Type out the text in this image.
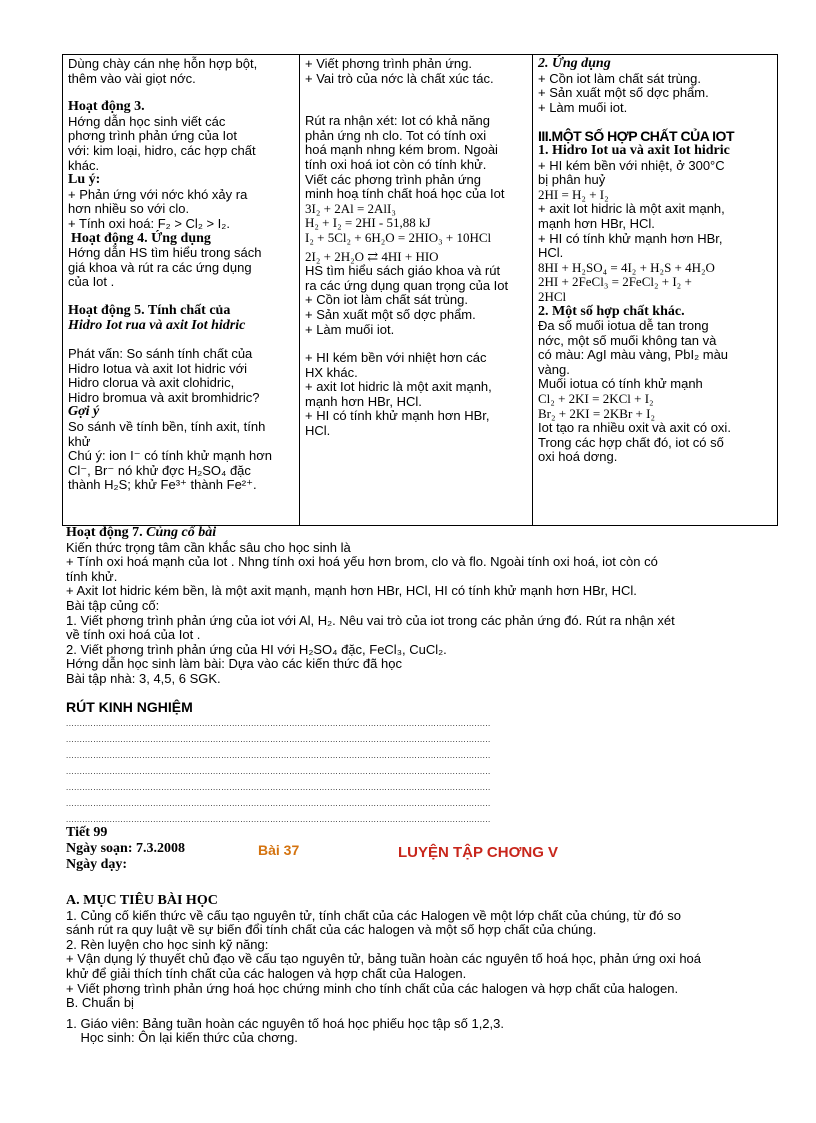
Dùng chày cán nhẹ hỗn hợp bột,
thêm vào vài giọt nớc.
Hoạt động 3.
Hớng dẫn học sinh viết các
phơng trình phản ứng của Iot
với: kim loại, hidro, các hợp chất
khác.
Lu ý:
+ Phản ứng với nớc khó xảy ra
hơn nhiều so với clo.
+ Tính oxi hoá: F₂ > Cl₂ > I₂.
Hoạt động 4. Ứng dụng
Hớng dẫn HS tìm hiểu trong sách
giá khoa và rút ra các ứng dụng
của Iot .
Hoạt động 5. Tính chất của
Hidro Iot rua và axit Iot hidric
Phát vấn: So sánh tính chất của
Hidro Iotua và axit Iot hidric với
Hidro clorua và axit clohidric,
Hidro bromua và axit bromhidric?
Gợi ý
So sánh về tính bền, tính axit, tính
khử
Chú ý: ion I⁻ có tính khử mạnh hơn
Cl⁻, Br⁻ nó khử đợc H₂SO₄ đặc
thành H₂S; khử Fe³⁺ thành Fe²⁺.

+ Viết phơng trình phản ứng.
+ Vai trò của nớc là chất xúc tác.
Rút ra nhận xét: Iot có khả năng
phản ứng nh clo. Tot có tính oxi
hoá mạnh nhng kém brom. Ngoài
tính oxi hoá iot còn có tính khử.
Viết các phơng trình phản ứng
minh hoạ tính chất hoá học của Iot
3I₂ + 2Al = 2AlI₃
H₂ + I₂ = 2HI - 51,88 kJ
I₂ + 5Cl₂ + 6H₂O = 2HIO₃ + 10HCl
2I₂ + 2H₂O ⇄ 4HI + HIO
HS tìm hiểu sách giáo khoa và rút
ra các ứng dụng quan trọng của Iot
+ Cồn iot làm chất sát trùng.
+ Sản xuất một số dợc phẩm.
+ Làm muối iot.
+ HI kém bền với nhiệt hơn các
HX khác.
+ axit Iot hidric là một axit mạnh,
mạnh hơn HBr, HCl.
+ HI có tính khử mạnh hơn HBr,
HCl.

2. Ứng dụng
+ Cồn iot làm chất sát trùng.
+ Sản xuất một số dợc phẩm.
+ Làm muối iot.
III.MỘT SỐ HỢP CHẤT CỦA IOT
1. Hidro Iot ua và axit Iot hidric
+ HI kém bền với nhiệt, ở 300°C
bị phân huỷ
2HI = H₂ + I₂
+ axit Iot hidric là một axit mạnh,
mạnh hơn HBr, HCl.
+ HI có tính khử mạnh hơn HBr,
HCl.
8HI + H₂SO₄ = 4I₂ + H₂S + 4H₂O
2HI + 2FeCl₃ = 2FeCl₂ + I₂ +
2HCl
2. Một số hợp chất khác.
Đa số muối iotua dễ tan trong
nớc, một số muối không tan và
có màu: AgI màu vàng, PbI₂ màu
vàng.
Muối iotua có tính khử mạnh
Cl₂ + 2KI = 2KCl + I₂
Br₂ + 2KI = 2KBr + I₂
Iot tạo ra nhiều oxit và axit có oxi.
Trong các hợp chất đó, iot có số
oxi hoá dơng.
Hoạt động 7. Củng cố bài
Kiến thức trọng tâm cần khắc sâu cho học sinh là
+ Tính oxi hoá mạnh của Iot . Nhng tính oxi hoá yếu hơn brom, clo và flo. Ngoài tính oxi hoá, iot còn có
tính khử.
+ Axit Iot hidric kém bền, là một axit mạnh, mạnh hơn HBr, HCl, HI có tính khử mạnh hơn HBr, HCl.
Bài tập củng cố:
1. Viết phơng trình phản ứng của iot với Al, H₂. Nêu vai trò của iot trong các phản ứng đó. Rút ra nhận xét
về tính oxi hoá của Iot .
2. Viết phơng trình phản ứng của HI với H₂SO₄ đặc, FeCl₃, CuCl₂.
Hớng dẫn học sinh làm bài: Dựa vào các kiến thức đã học
Bài tập nhà: 3, 4,5, 6 SGK.
RÚT KINH NGHIỆM
............................................................................................................................................................
............................................................................................................................................................
............................................................................................................................................................
............................................................................................................................................................
............................................................................................................................................................
............................................................................................................................................................
............................................................................................................................................................
Tiết 99
Ngày soạn: 7.3.2008
Ngày dạy:
Bài 37	LUYỆN TẬP CHƠNG V
A. MỤC TIÊU BÀI HỌC
1. Củng cố kiến thức về cấu tạo nguyên tử, tính chất của các Halogen về một lớp chất của chúng, từ đó so
sánh rút ra quy luật về sự biến đổi tính chất của các halogen và một số hợp chất của chúng.
2. Rèn luyện cho học sinh kỹ năng:
+ Vận dụng lý thuyết chủ đạo về cấu tạo nguyên tử, bảng tuần hoàn các nguyên tố hoá học, phản ứng oxi hoá
khử để giải thích tính chất của các halogen và hợp chất của Halogen.
+ Viết phơng trình phản ứng hoá học chứng minh cho tính chất của các halogen và hợp chất của halogen.
B. Chuẩn bị
1. Giáo viên: Bảng tuần hoàn các nguyên tố hoá học phiếu học tập số 1,2,3.
Học sinh: Ôn lại kiến thức của chơng.
